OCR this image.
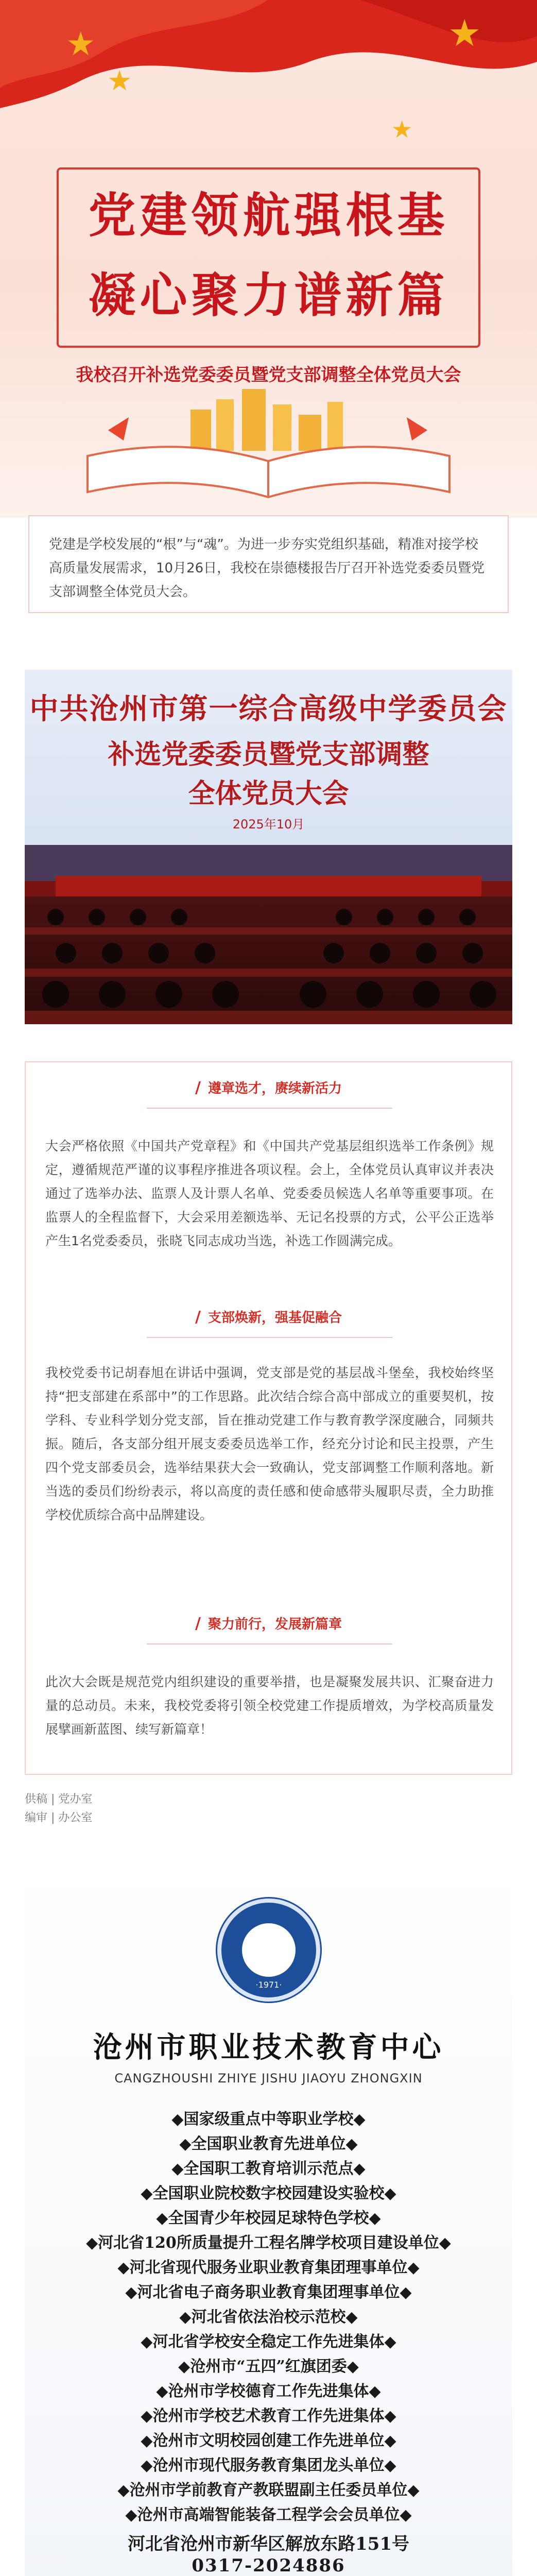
★
★
★
★
党建领航强根基
凝心聚力谱新篇
我校召开补选党委委员暨党支部调整全体党员大会

党建是学校发展的“根”与“魂”。为进一步夯实党组织基础，精准对接学校高质量发展需求，10月26日，我校在崇德楼报告厅召开补选党委委员暨党支部调整全体党员大会。

中共沧州市第一综合高级中学委员会
补选党委委员暨党支部调整
全体党员大会
2025年10月
/ 遵章选才，赓续新活力

大会严格依照《中国共产党章程》和《中国共产党基层组织选举工作条例》规定，遵循规范严谨的议事程序推进各项议程。会上，全体党员认真审议并表决通过了选举办法、监票人及计票人名单、党委委员候选人名单等重要事项。在监票人的全程监督下，大会采用差额选举、无记名投票的方式，公平公正选举产生1名党委委员，张晓飞同志成功当选，补选工作圆满完成。

/ 支部焕新，强基促融合

我校党委书记胡春旭在讲话中强调，党支部是党的基层战斗堡垒，我校始终坚持“把支部建在系部中”的工作思路。此次结合综合高中部成立的重要契机，按学科、专业科学划分党支部，旨在推动党建工作与教育教学深度融合，同频共振。随后，各支部分组开展支委委员选举工作，经充分讨论和民主投票，产生四个党支部委员会，选举结果获大会一致确认，党支部调整工作顺利落地。新当选的委员们纷纷表示，将以高度的责任感和使命感带头履职尽责，全力助推学校优质综合高中品牌建设。

/ 聚力前行，发展新篇章

此次大会既是规范党内组织建设的重要举措，也是凝聚发展共识、汇聚奋进力量的总动员。未来，我校党委将引领全校党建工作提质增效，为学校高质量发展擘画新蓝图、续写新篇章！

供稿 | 党办室
编审 | 办公室
·1971·
沧州市职业技术教育中心
CANGZHOUSHI ZHIYE JISHU JIAOYU ZHONGXIN
◆国家级重点中等职业学校◆
◆全国职业教育先进单位◆
◆全国职工教育培训示范点◆
◆全国职业院校数字校园建设实验校◆
◆全国青少年校园足球特色学校◆
◆河北省120所质量提升工程名牌学校项目建设单位◆
◆河北省现代服务业职业教育集团理事单位◆
◆河北省电子商务职业教育集团理事单位◆
◆河北省依法治校示范校◆
◆河北省学校安全稳定工作先进集体◆
◆沧州市“五四”红旗团委◆
◆沧州市学校德育工作先进集体◆
◆沧州市学校艺术教育工作先进集体◆
◆沧州市文明校园创建工作先进单位◆
◆沧州市现代服务教育集团龙头单位◆
◆沧州市学前教育产教联盟副主任委员单位◆
◆沧州市高端智能装备工程学会会员单位◆
河北省沧州市新华区解放东路151号
0317-2024886
